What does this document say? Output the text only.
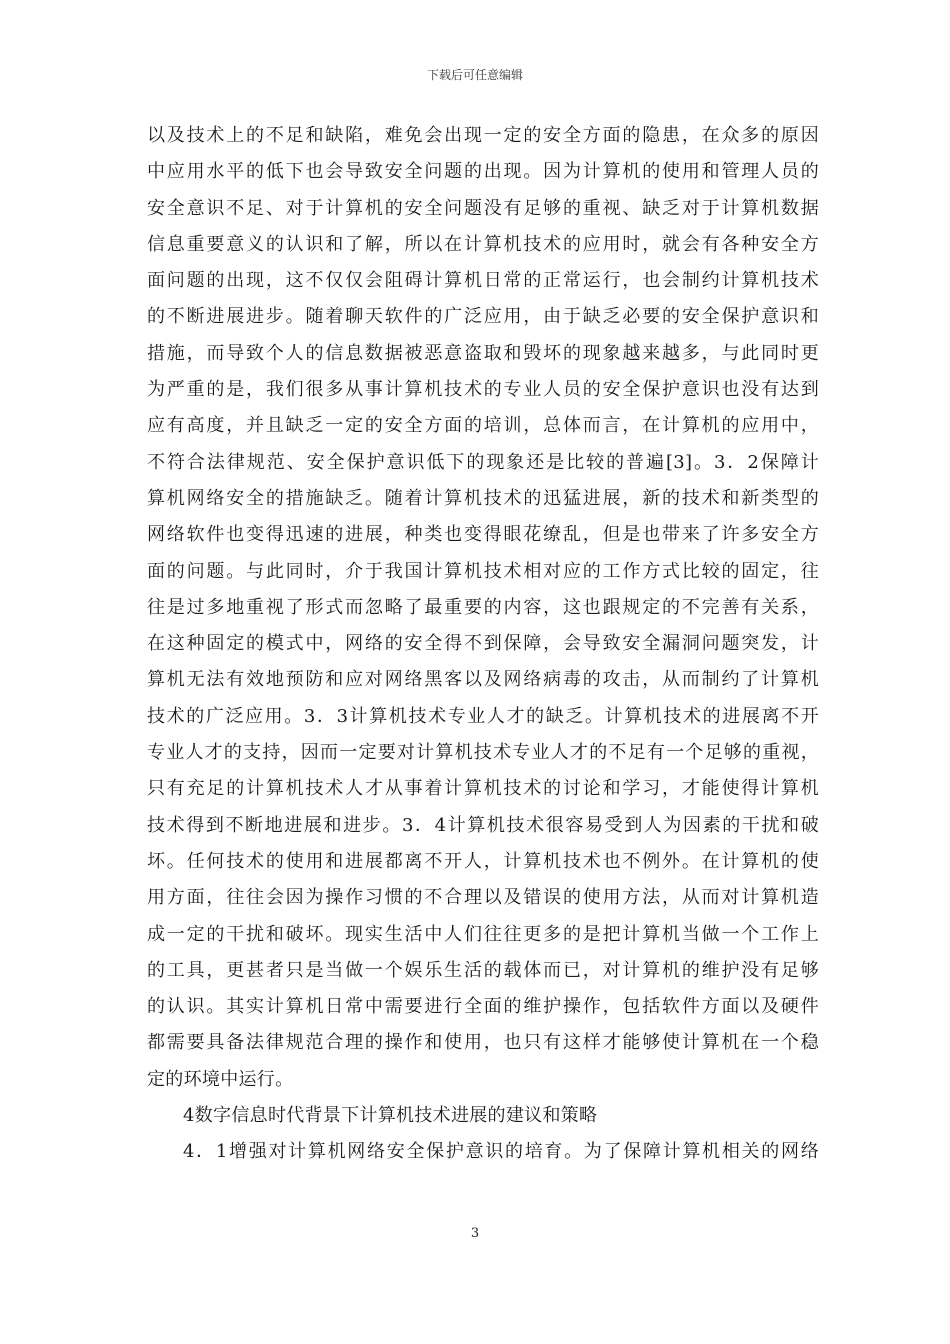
下载后可任意编辑
以及技术上的不足和缺陷，难免会出现一定的安全方面的隐患，在众多的原因
中应用水平的低下也会导致安全问题的出现。因为计算机的使用和管理人员的
安全意识不足、对于计算机的安全问题没有足够的重视、缺乏对于计算机数据
信息重要意义的认识和了解，所以在计算机技术的应用时，就会有各种安全方
面问题的出现，这不仅仅会阻碍计算机日常的正常运行，也会制约计算机技术
的不断进展进步。随着聊天软件的广泛应用，由于缺乏必要的安全保护意识和
措施，而导致个人的信息数据被恶意盗取和毁坏的现象越来越多，与此同时更
为严重的是，我们很多从事计算机技术的专业人员的安全保护意识也没有达到
应有高度，并且缺乏一定的安全方面的培训，总体而言，在计算机的应用中，
不符合法律规范、安全保护意识低下的现象还是比较的普遍[3]。3．2保障计
算机网络安全的措施缺乏。随着计算机技术的迅猛进展，新的技术和新类型的
网络软件也变得迅速的进展，种类也变得眼花缭乱，但是也带来了许多安全方
面的问题。与此同时，介于我国计算机技术相对应的工作方式比较的固定，往
往是过多地重视了形式而忽略了最重要的内容，这也跟规定的不完善有关系，
在这种固定的模式中，网络的安全得不到保障，会导致安全漏洞问题突发，计
算机无法有效地预防和应对网络黑客以及网络病毒的攻击，从而制约了计算机
技术的广泛应用。3．3计算机技术专业人才的缺乏。计算机技术的进展离不开
专业人才的支持，因而一定要对计算机技术专业人才的不足有一个足够的重视，
只有充足的计算机技术人才从事着计算机技术的讨论和学习，才能使得计算机
技术得到不断地进展和进步。3．4计算机技术很容易受到人为因素的干扰和破
坏。任何技术的使用和进展都离不开人，计算机技术也不例外。在计算机的使
用方面，往往会因为操作习惯的不合理以及错误的使用方法，从而对计算机造
成一定的干扰和破坏。现实生活中人们往往更多的是把计算机当做一个工作上
的工具，更甚者只是当做一个娱乐生活的载体而已，对计算机的维护没有足够
的认识。其实计算机日常中需要进行全面的维护操作，包括软件方面以及硬件
都需要具备法律规范合理的操作和使用，也只有这样才能够使计算机在一个稳
定的环境中运行。
4数字信息时代背景下计算机技术进展的建议和策略
4．1增强对计算机网络安全保护意识的培育。为了保障计算机相关的网络
3
